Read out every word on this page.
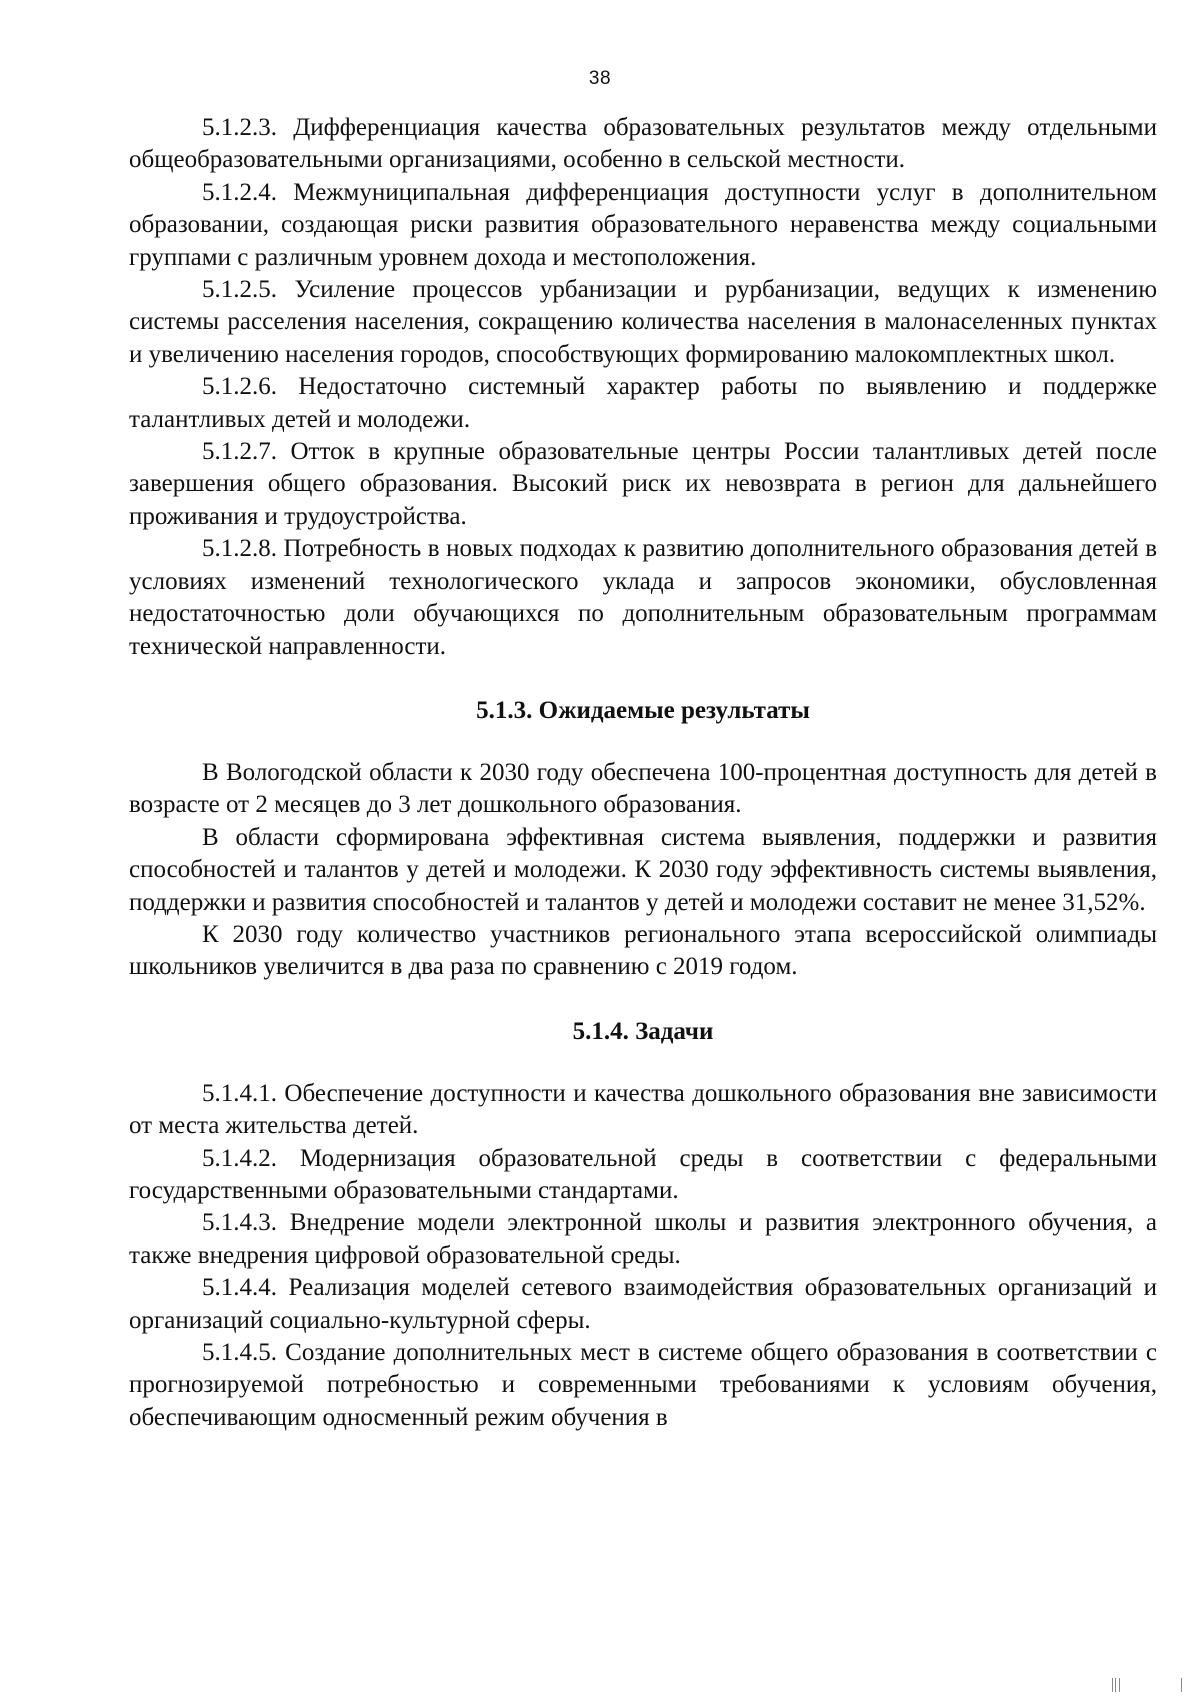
38

5.1.2.3. Дифференциация качества образовательных результатов между отдельными общеобразовательными организациями, особенно в сельской местности.

5.1.2.4. Межмуниципальная дифференциация доступности услуг в дополнительном образовании, создающая риски развития образовательного неравенства между социальными группами с различным уровнем дохода и местоположения.

5.1.2.5. Усиление процессов урбанизации и рурбанизации, ведущих к изменению системы расселения населения, сокращению количества населения в малонаселенных пунктах и увеличению населения городов, способствующих формированию малокомплектных школ.

5.1.2.6. Недостаточно системный характер работы по выявлению и поддержке талантливых детей и молодежи.

5.1.2.7. Отток в крупные образовательные центры России талантливых детей после завершения общего образования. Высокий риск их невозврата в регион для дальнейшего проживания и трудоустройства.

5.1.2.8. Потребность в новых подходах к развитию дополнительного образования детей в условиях изменений технологического уклада и запросов экономики, обусловленная недостаточностью доли обучающихся по дополнительным образовательным программам технической направленности.

5.1.3. Ожидаемые результаты

В Вологодской области к 2030 году обеспечена 100-процентная доступность для детей в возрасте от 2 месяцев до 3 лет дошкольного образования.

В области сформирована эффективная система выявления, поддержки и развития способностей и талантов у детей и молодежи. К 2030 году эффективность системы выявления, поддержки и развития способностей и талантов у детей и молодежи составит не менее 31,52%.

К 2030 году количество участников регионального этапа всероссийской олимпиады школьников увеличится в два раза по сравнению с 2019 годом.

5.1.4. Задачи

5.1.4.1. Обеспечение доступности и качества дошкольного образования вне зависимости от места жительства детей.

5.1.4.2. Модернизация образовательной среды в соответствии с федеральными государственными образовательными стандартами.

5.1.4.3. Внедрение модели электронной школы и развития электронного обучения, а также внедрения цифровой образовательной среды.

5.1.4.4. Реализация моделей сетевого взаимодействия образовательных организаций и организаций социально-культурной сферы.

5.1.4.5. Создание дополнительных мест в системе общего образования в соответствии с прогнозируемой потребностью и современными требованиями к условиям обучения, обеспечивающим односменный режим обучения в
